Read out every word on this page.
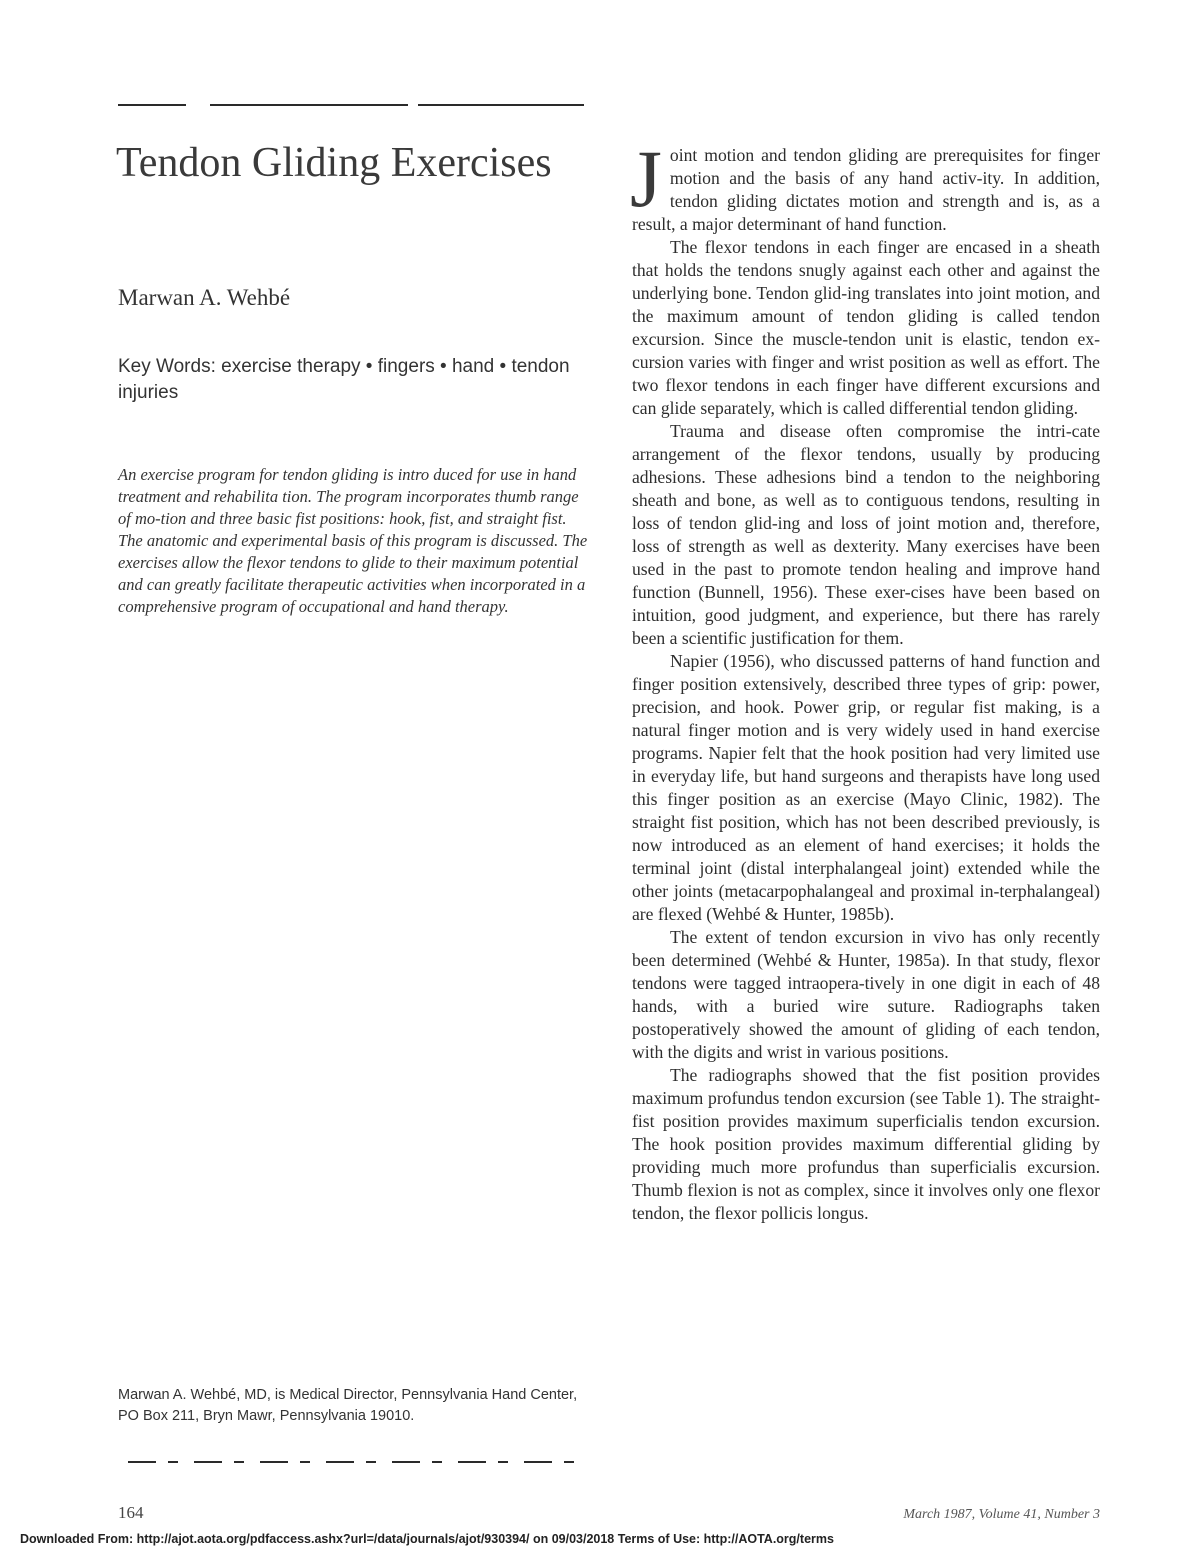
Tendon Gliding Exercises
Marwan A. Wehbé

Key Words: exercise therapy • fingers • hand • tendon injuries

An exercise program for tendon gliding is intro duced for use in hand treatment and rehabilita tion. The program incorporates thumb range of mo-tion and three basic fist positions: hook, fist, and straight fist. The anatomic and experimental basis of this program is discussed. The exercises allow the flexor tendons to glide to their maximum potential and can greatly facilitate therapeutic activities when incorporated in a comprehensive program of occupational and hand therapy.

Marwan A. Wehbé, MD, is Medical Director, Pennsylvania Hand Center, PO Box 211, Bryn Mawr, Pennsylvania 19010.

Joint motion and tendon gliding are prerequisites for finger motion and the basis of any hand activ-ity. In addition, tendon gliding dictates motion and strength and is, as a result, a major determinant of hand function.

The flexor tendons in each finger are encased in a sheath that holds the tendons snugly against each other and against the underlying bone. Tendon glid-ing translates into joint motion, and the maximum amount of tendon gliding is called tendon excursion. Since the muscle-tendon unit is elastic, tendon ex-cursion varies with finger and wrist position as well as effort. The two flexor tendons in each finger have different excursions and can glide separately, which is called differential tendon gliding.

Trauma and disease often compromise the intri-cate arrangement of the flexor tendons, usually by producing adhesions. These adhesions bind a tendon to the neighboring sheath and bone, as well as to contiguous tendons, resulting in loss of tendon glid-ing and loss of joint motion and, therefore, loss of strength as well as dexterity. Many exercises have been used in the past to promote tendon healing and improve hand function (Bunnell, 1956). These exer-cises have been based on intuition, good judgment, and experience, but there has rarely been a scientific justification for them.

Napier (1956), who discussed patterns of hand function and finger position extensively, described three types of grip: power, precision, and hook. Power grip, or regular fist making, is a natural finger motion and is very widely used in hand exercise programs. Napier felt that the hook position had very limited use in everyday life, but hand surgeons and therapists have long used this finger position as an exercise (Mayo Clinic, 1982). The straight fist position, which has not been described previously, is now introduced as an element of hand exercises; it holds the terminal joint (distal interphalangeal joint) extended while the other joints (metacarpophalangeal and proximal in-terphalangeal) are flexed (Wehbé & Hunter, 1985b).

The extent of tendon excursion in vivo has only recently been determined (Wehbé & Hunter, 1985a). In that study, flexor tendons were tagged intraopera-tively in one digit in each of 48 hands, with a buried wire suture. Radiographs taken postoperatively showed the amount of gliding of each tendon, with the digits and wrist in various positions.

The radiographs showed that the fist position provides maximum profundus tendon excursion (see Table 1). The straight-fist position provides maximum superficialis tendon excursion. The hook position provides maximum differential gliding by providing much more profundus than superficialis excursion. Thumb flexion is not as complex, since it involves only one flexor tendon, the flexor pollicis longus.

164	March 1987, Volume 41, Number 3

Downloaded From: http://ajot.aota.org/pdfaccess.ashx?url=/data/journals/ajot/930394/ on 09/03/2018 Terms of Use: http://AOTA.org/terms
